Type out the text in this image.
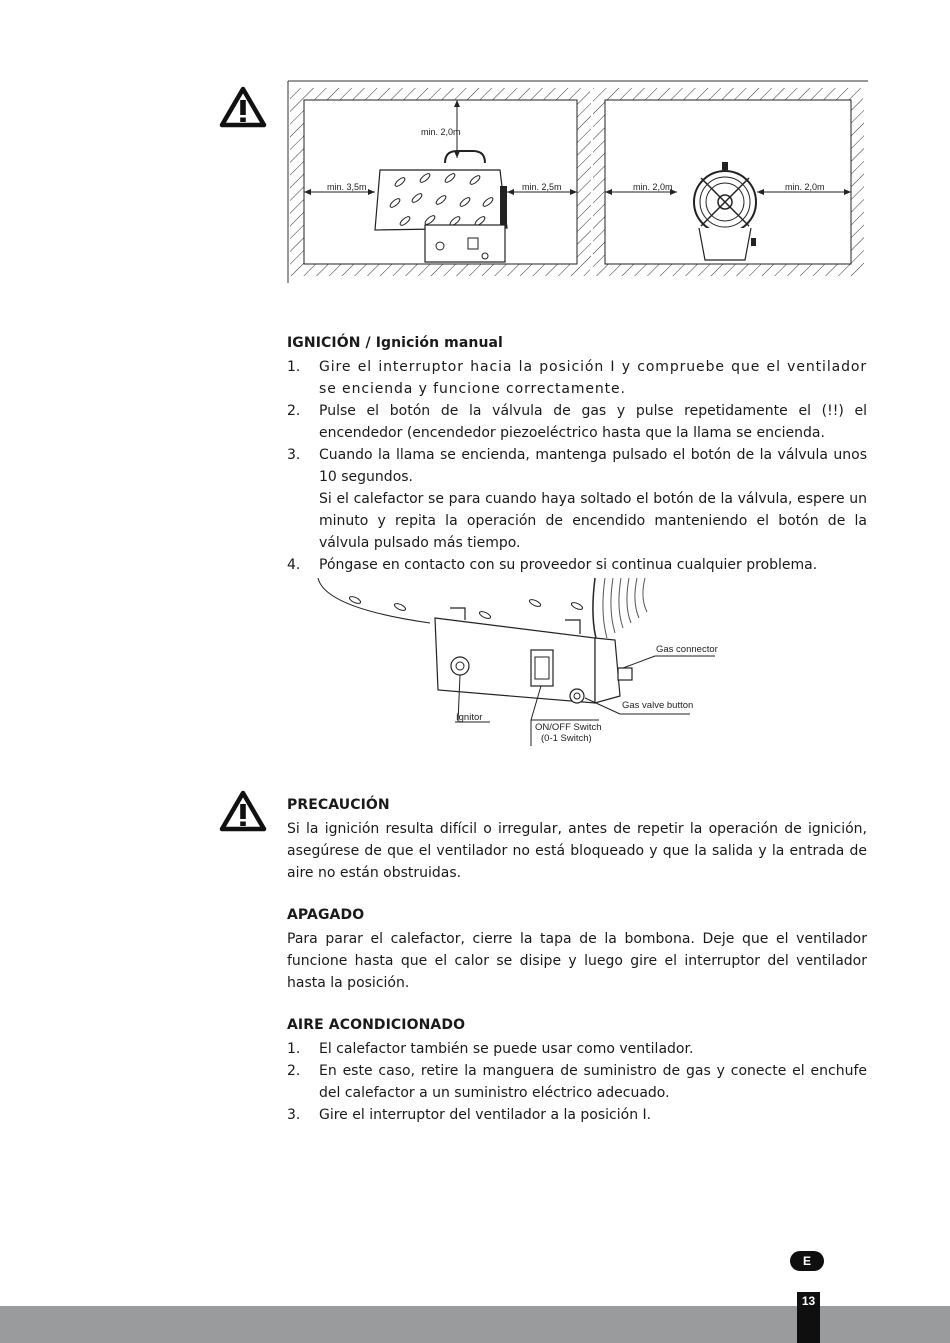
min. 2,0m
min. 3,5m	min. 2,5m	min. 2,0m	min. 2,0m
IGNICIÓN / Ignición manual
1.	Gire el interruptor hacia la posición I y compruebe que el ventilador se encienda y funcione correctamente.
2.	Pulse el botón de la válvula de gas y pulse repetidamente el (!!) el encendedor (encendedor piezoeléctrico hasta que la llama se encienda.
3.	Cuando la llama se encienda, mantenga pulsado el botón de la válvula unos 10 segundos.
Si el calefactor se para cuando haya soltado el botón de la válvula, espere un minuto y repita la operación de encendido manteniendo el botón de la válvula pulsado más tiempo.
4.	Póngase en contacto con su proveedor si continua cualquier problema.
Gas connector
Gas valve button
Ignitor
ON/OFF Switch
(0-1 Switch)
PRECAUCIÓN
Si la ignición resulta difícil o irregular, antes de repetir la operación de ignición, asegúrese de que el ventilador no está bloqueado y que la salida y la entrada de aire no están obstruidas.
APAGADO
Para parar el calefactor, cierre la tapa de la bombona. Deje que el ventilador funcione hasta que el calor se disipe y luego gire el interruptor del ventilador hasta la posición.
AIRE ACONDICIONADO
1.	El calefactor también se puede usar como ventilador.
2.	En este caso, retire la manguera de suministro de gas y conecte el enchufe del calefactor a un suministro eléctrico adecuado.
3.	Gire el interruptor del ventilador a la posición I.
E
13
